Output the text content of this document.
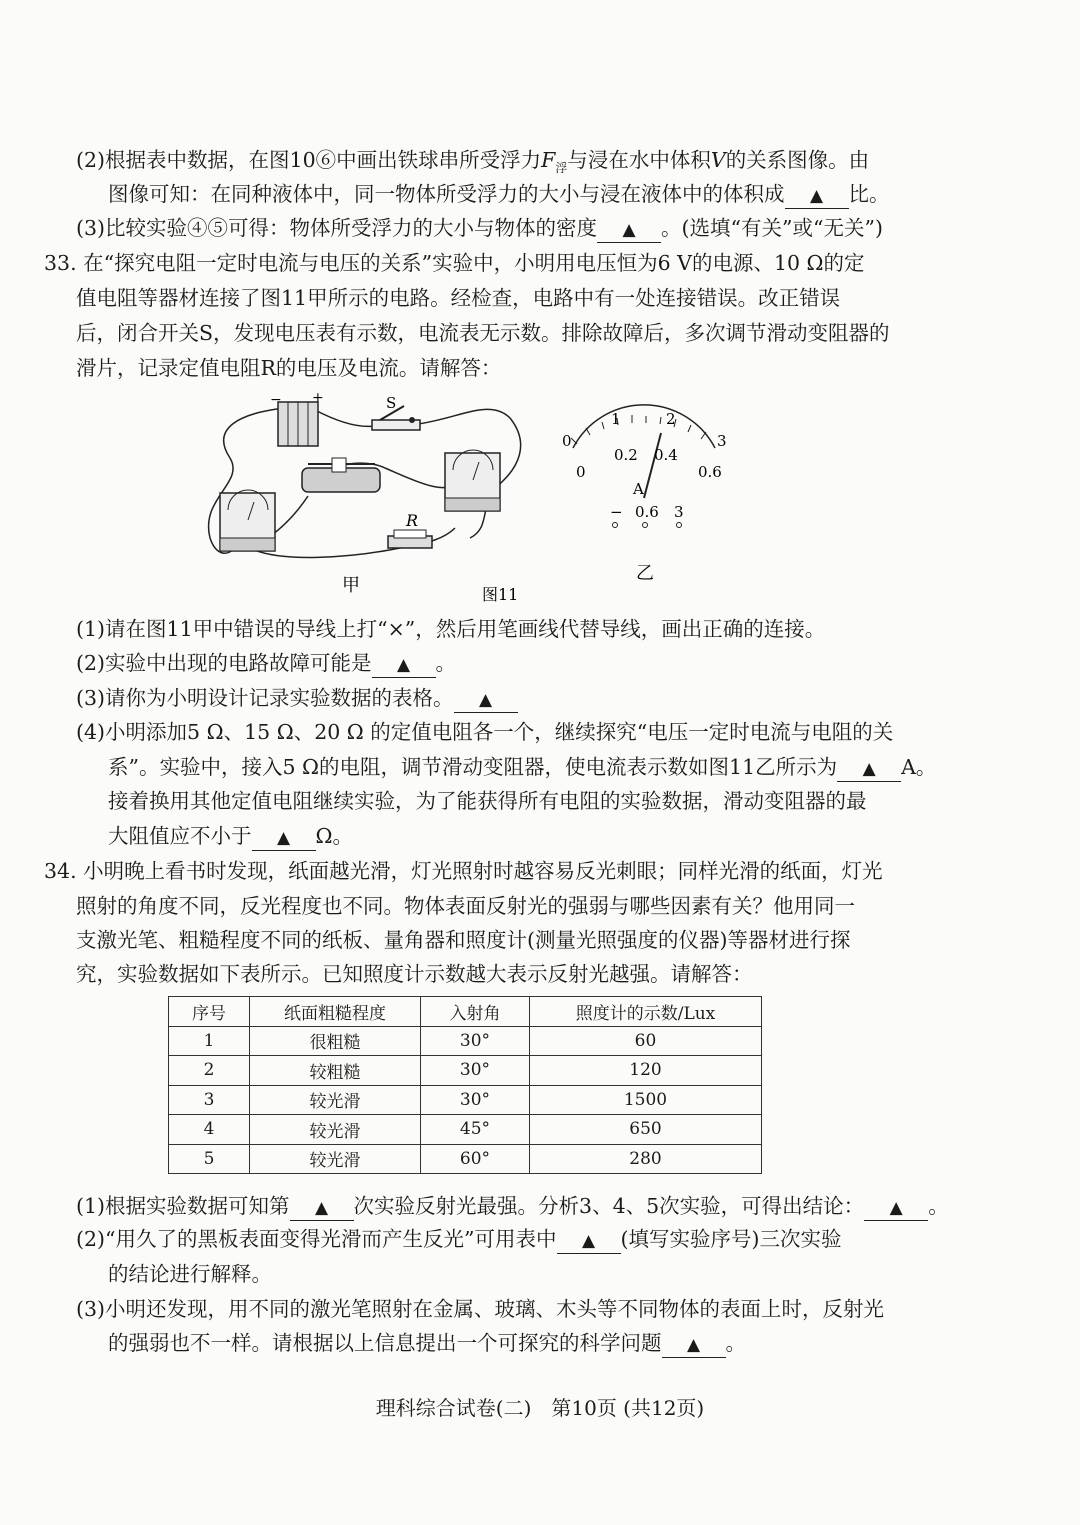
(2)根据表中数据，在图10⑥中画出铁球串所受浮力$F_浮$与浸在水中体积V的关系图像。由
图像可知：在同种液体中，同一物体所受浮力的大小与浸在液体中的体积成 ▲ 比。
(3)比较实验④⑤可得：物体所受浮力的大小与物体的密度 ▲ 。(选填“有关”或“无关”)
33. 在“探究电阻一定时电流与电压的关系”实验中，小明用电压恒为6 V的电源、10 Ω的定
值电阻等器材连接了图11甲所示的电路。经检查，电路中有一处连接错误。改正错误
后，闭合开关S，发现电压表有示数，电流表无示数。排除故障后，多次调节滑动变阻器的
滑片，记录定值电阻R的电压及电流。请解答：
− +	S
R
甲	图11
0
1	2
3
0
0.2 0.4
0.6
A
− 0.6 3
乙
(1)请在图11甲中错误的导线上打“×”，然后用笔画线代替导线，画出正确的连接。
(2)实验中出现的电路故障可能是 ▲ 。
(3)请你为小明设计记录实验数据的表格。 ▲
(4)小明添加5 Ω、15 Ω、20 Ω 的定值电阻各一个，继续探究“电压一定时电流与电阻的关
系”。实验中，接入5 Ω的电阻，调节滑动变阻器，使电流表示数如图11乙所示为 ▲ A。
接着换用其他定值电阻继续实验，为了能获得所有电阻的实验数据，滑动变阻器的最
大阻值应不小于 ▲ Ω。
34. 小明晚上看书时发现，纸面越光滑，灯光照射时越容易反光刺眼；同样光滑的纸面，灯光
照射的角度不同，反光程度也不同。物体表面反射光的强弱与哪些因素有关？他用同一
支激光笔、粗糙程度不同的纸板、量角器和照度计(测量光照强度的仪器)等器材进行探
究，实验数据如下表所示。已知照度计示数越大表示反射光越强。请解答：
序号	纸面粗糙程度	入射角	照度计的示数/Lux
1	很粗糙	30°	60
2	较粗糙	30°	120
3	较光滑	30°	1500
4	较光滑	45°	650
5	较光滑	60°	280
(1)根据实验数据可知第 ▲ 次实验反射光最强。分析3、4、5次实验，可得出结论： ▲ 。
(2)“用久了的黑板表面变得光滑而产生反光”可用表中 ▲ (填写实验序号)三次实验
的结论进行解释。
(3)小明还发现，用不同的激光笔照射在金属、玻璃、木头等不同物体的表面上时，反射光
的强弱也不一样。请根据以上信息提出一个可探究的科学问题 ▲ 。
理科综合试卷(二)　第10页 (共12页)
